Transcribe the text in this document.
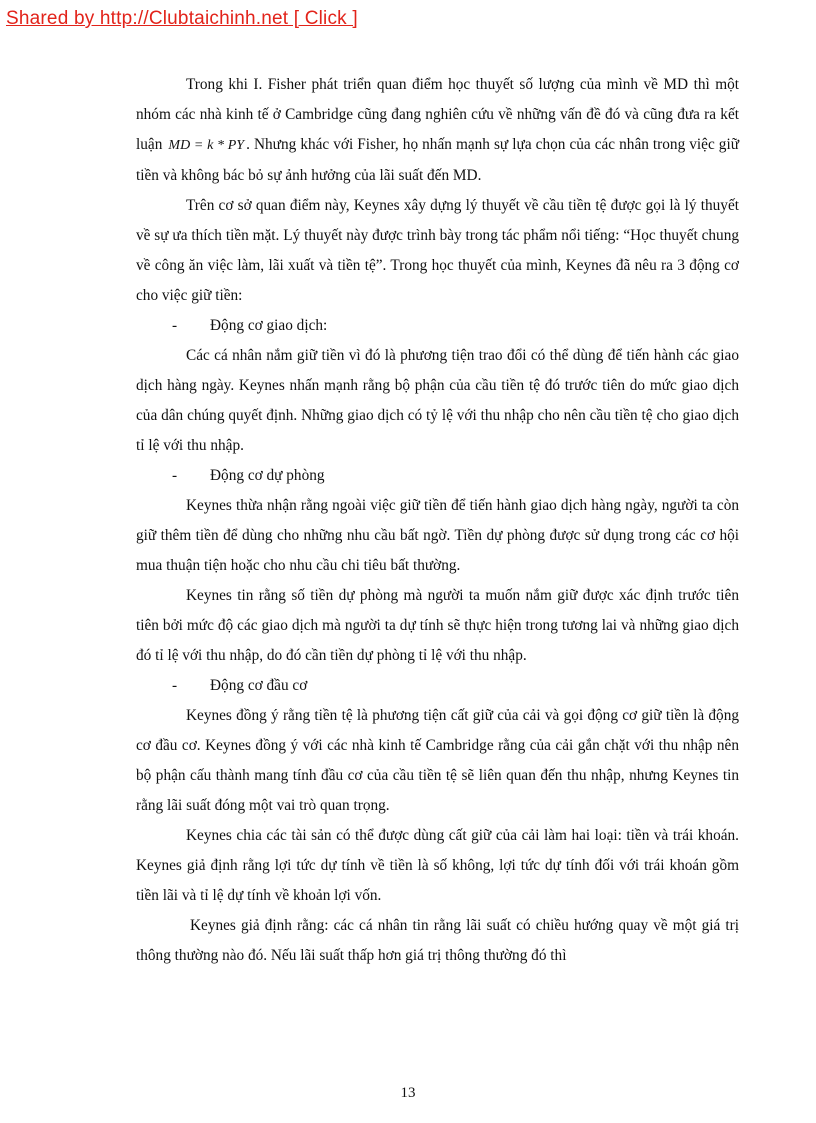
Shared by http://Clubtaichinh.net [ Click ]

Trong khi I. Fisher phát triển quan điểm học thuyết số lượng của mình về MD thì một nhóm các nhà kinh tế ở Cambridge cũng đang nghiên cứu về những vấn đề đó và cũng đưa ra kết luận MD = k * PY . Nhưng khác với Fisher, họ nhấn mạnh sự lựa chọn của các nhân trong việc giữ tiền và không bác bỏ sự ảnh hưởng của lãi suất đến MD.

Trên cơ sở quan điểm này, Keynes xây dựng lý thuyết về cầu tiền tệ được gọi là lý thuyết về sự ưa thích tiền mặt. Lý thuyết này được trình bày trong tác phẩm nổi tiếng: “Học thuyết chung về công ăn việc làm, lãi xuất và tiền tệ”. Trong học thuyết của mình, Keynes đã nêu ra 3 động cơ cho việc giữ tiền:

- Động cơ giao dịch:

Các cá nhân nắm giữ tiền vì đó là phương tiện trao đổi có thể dùng để tiến hành các giao dịch hàng ngày. Keynes nhấn mạnh rằng bộ phận của cầu tiền tệ đó trước tiên do mức giao dịch của dân chúng quyết định. Những giao dịch có tỷ lệ với thu nhập cho nên cầu tiền tệ cho giao dịch tỉ lệ với thu nhập.

- Động cơ dự phòng

Keynes thừa nhận rằng ngoài việc giữ tiền để tiến hành giao dịch hàng ngày, người ta còn giữ thêm tiền để dùng cho những nhu cầu bất ngờ. Tiền dự phòng được sử dụng trong các cơ hội mua thuận tiện hoặc cho nhu cầu chi tiêu bất thường.

Keynes tin rằng số tiền dự phòng mà người ta muốn nắm giữ được xác định trước tiên tiên bởi mức độ các giao dịch mà người ta dự tính sẽ thực hiện trong tương lai và những giao dịch đó tỉ lệ với thu nhập, do đó cần tiền dự phòng tỉ lệ với thu nhập.

- Động cơ đầu cơ

Keynes đồng ý rằng tiền tệ là phương tiện cất giữ của cải và gọi động cơ giữ tiền là động cơ đầu cơ. Keynes đồng ý với các nhà kinh tế Cambridge rằng của cải gắn chặt với thu nhập nên bộ phận cấu thành mang tính đầu cơ của cầu tiền tệ sẽ liên quan đến thu nhập, nhưng Keynes tin rằng lãi suất đóng một vai trò quan trọng.

Keynes chia các tài sản có thể được dùng cất giữ của cải làm hai loại: tiền và trái khoán. Keynes giả định rằng lợi tức dự tính về tiền là số không, lợi tức dự tính đối với trái khoán gồm tiền lãi và tỉ lệ dự tính về khoản lợi vốn.

Keynes giả định rằng: các cá nhân tin rằng lãi suất có chiều hướng quay về một giá trị thông thường nào đó. Nếu lãi suất thấp hơn giá trị thông thường đó thì

13
